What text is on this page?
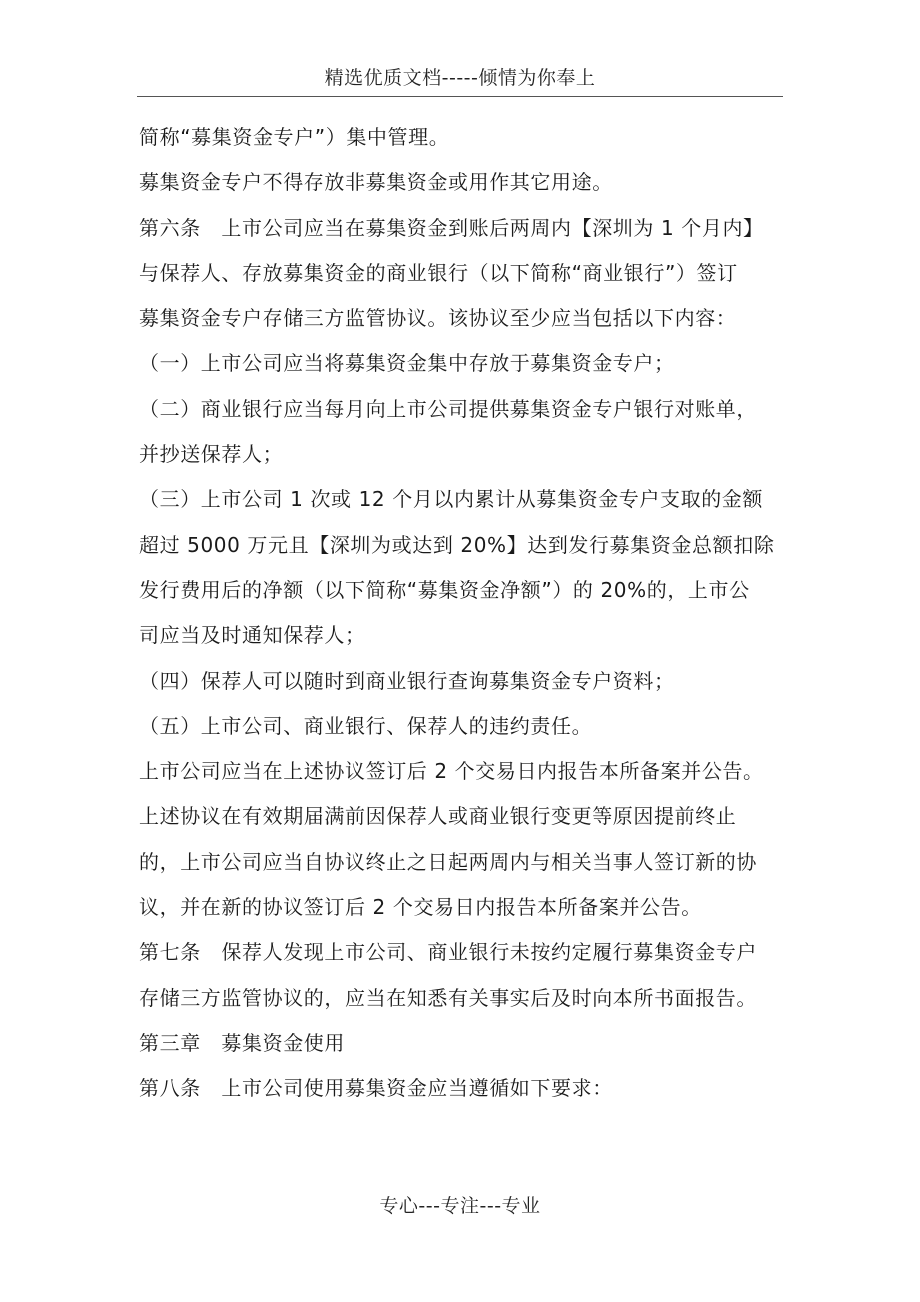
精选优质文档-----倾情为你奉上
简称“募集资金专户”）集中管理。
募集资金专户不得存放非募集资金或用作其它用途。
第六条　上市公司应当在募集资金到账后两周内【深圳为 1 个月内】
与保荐人、存放募集资金的商业银行（以下简称“商业银行”）签订
募集资金专户存储三方监管协议。该协议至少应当包括以下内容：
（一）上市公司应当将募集资金集中存放于募集资金专户；
（二）商业银行应当每月向上市公司提供募集资金专户银行对账单，
并抄送保荐人；
（三）上市公司 1 次或 12 个月以内累计从募集资金专户支取的金额
超过 5000 万元且【深圳为或达到 20%】达到发行募集资金总额扣除
发行费用后的净额（以下简称“募集资金净额”）的 20%的，上市公
司应当及时通知保荐人；
（四）保荐人可以随时到商业银行查询募集资金专户资料；
（五）上市公司、商业银行、保荐人的违约责任。
上市公司应当在上述协议签订后 2 个交易日内报告本所备案并公告。
上述协议在有效期届满前因保荐人或商业银行变更等原因提前终止
的，上市公司应当自协议终止之日起两周内与相关当事人签订新的协
议，并在新的协议签订后 2 个交易日内报告本所备案并公告。
第七条　保荐人发现上市公司、商业银行未按约定履行募集资金专户
存储三方监管协议的，应当在知悉有关事实后及时向本所书面报告。
第三章　募集资金使用
第八条　上市公司使用募集资金应当遵循如下要求：
专心---专注---专业
